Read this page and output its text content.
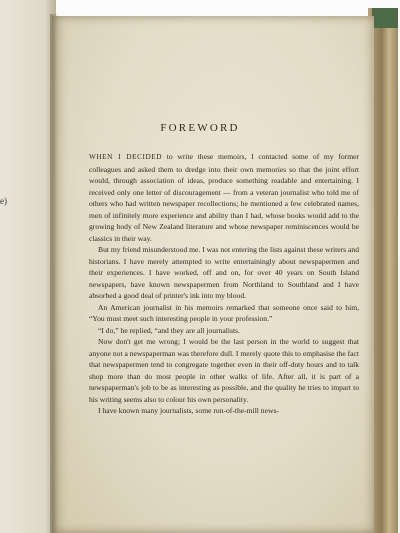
e)
FOREWORD

WHEN I DECIDED to write these memoirs, I contacted some of my former colleagues and asked them to dredge into their own memories so that the joint effort would, through association of ideas, produce something readable and entertaining. I received only one letter of discouragement — from a veteran journalist who told me of others who had written newspaper recollections; he mentioned a few celebrated names, men of infinitely more experience and ability than I had, whose books would add to the growing body of New Zealand literature and whose newspaper reminiscences would be classics in their way.

But my friend misunderstood me. I was not entering the lists against these writers and historians. I have merely attempted to write entertainingly about newspapermen and their experiences. I have worked, off and on, for over 40 years on South Island newspapers, have known newspapermen from Northland to Southland and I have absorbed a good deal of printer's ink into my blood.

An American journalist in his memoirs remarked that someone once said to him, “You must meet such interesting people in your profession.”

“I do,” he replied, “and they are all journalists.

Now don't get me wrong; I would be the last person in the world to suggest that anyone not a newspaperman was therefore dull. I merely quote this to emphasise the fact that newspapermen tend to congregate together even in their off-duty hours and to talk shop more than do most people in other walks of life. After all, it is part of a newspaperman's job to be as interesting as possible, and the quality he tries to impart to his writing seems also to colour his own personality.

I have known many journalists, some run-of-the-mill news-
